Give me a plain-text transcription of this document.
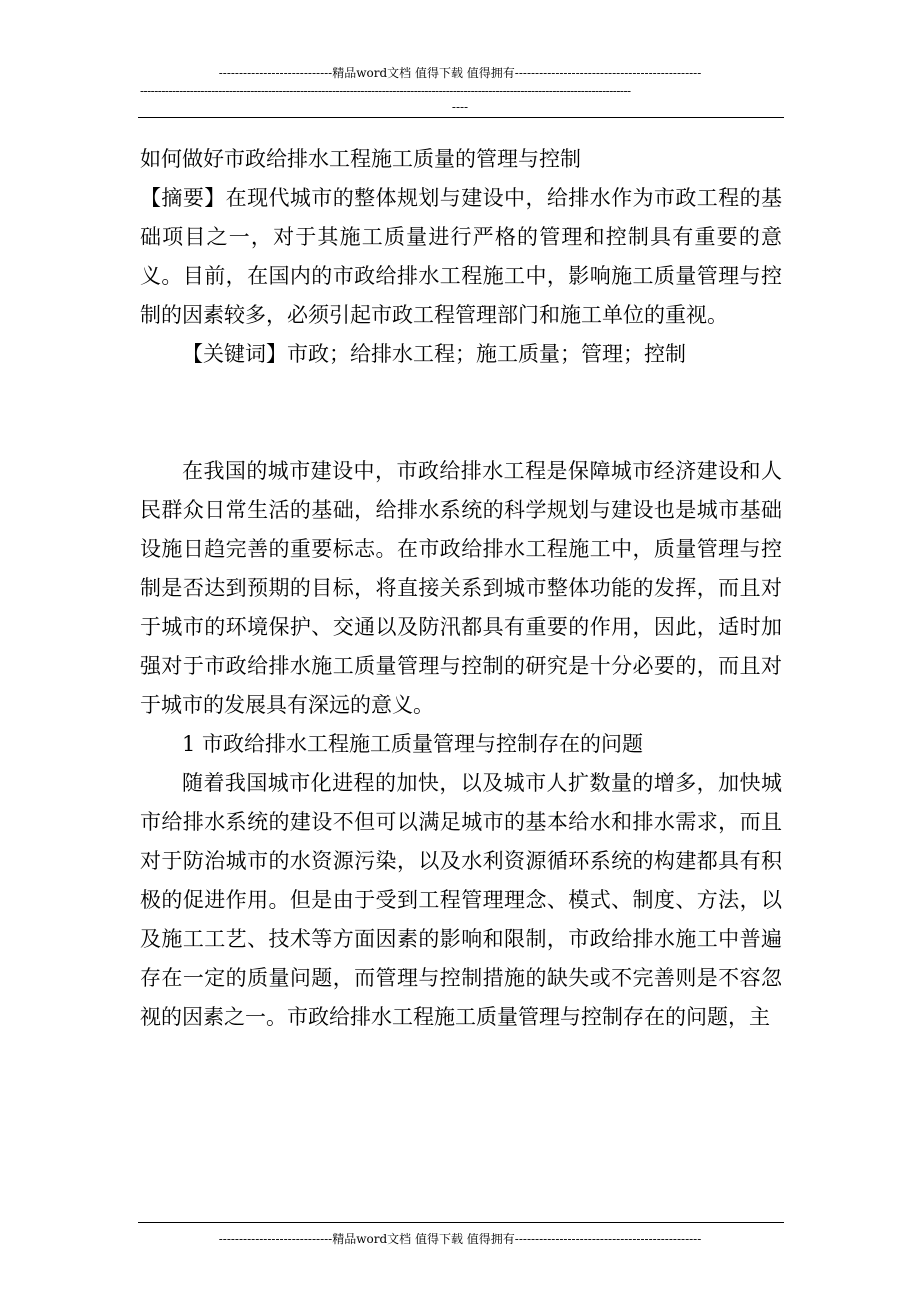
----------------------------精品word文档 值得下载 值得拥有----------------------------------------------
------------------------------------------------------------------------------------------------------------------------------------------
----

如何做好市政给排水工程施工质量的管理与控制

【摘要】在现代城市的整体规划与建设中，给排水作为市政工程的基础项目之一，对于其施工质量进行严格的管理和控制具有重要的意义。目前，在国内的市政给排水工程施工中，影响施工质量管理与控制的因素较多，必须引起市政工程管理部门和施工单位的重视。

【关键词】市政；给排水工程；施工质量；管理；控制

在我国的城市建设中，市政给排水工程是保障城市经济建设和人民群众日常生活的基础，给排水系统的科学规划与建设也是城市基础设施日趋完善的重要标志。在市政给排水工程施工中，质量管理与控制是否达到预期的目标，将直接关系到城市整体功能的发挥，而且对于城市的环境保护、交通以及防汛都具有重要的作用，因此，适时加强对于市政给排水施工质量管理与控制的研究是十分必要的，而且对于城市的发展具有深远的意义。

1 市政给排水工程施工质量管理与控制存在的问题

随着我国城市化进程的加快，以及城市人扩数量的增多，加快城市给排水系统的建设不但可以满足城市的基本给水和排水需求，而且对于防治城市的水资源污染，以及水利资源循环系统的构建都具有积极的促进作用。但是由于受到工程管理理念、模式、制度、方法，以及施工工艺、技术等方面因素的影响和限制，市政给排水施工中普遍存在一定的质量问题，而管理与控制措施的缺失或不完善则是不容忽视的因素之一。市政给排水工程施工质量管理与控制存在的问题，主

----------------------------精品word文档 值得下载 值得拥有----------------------------------------------
